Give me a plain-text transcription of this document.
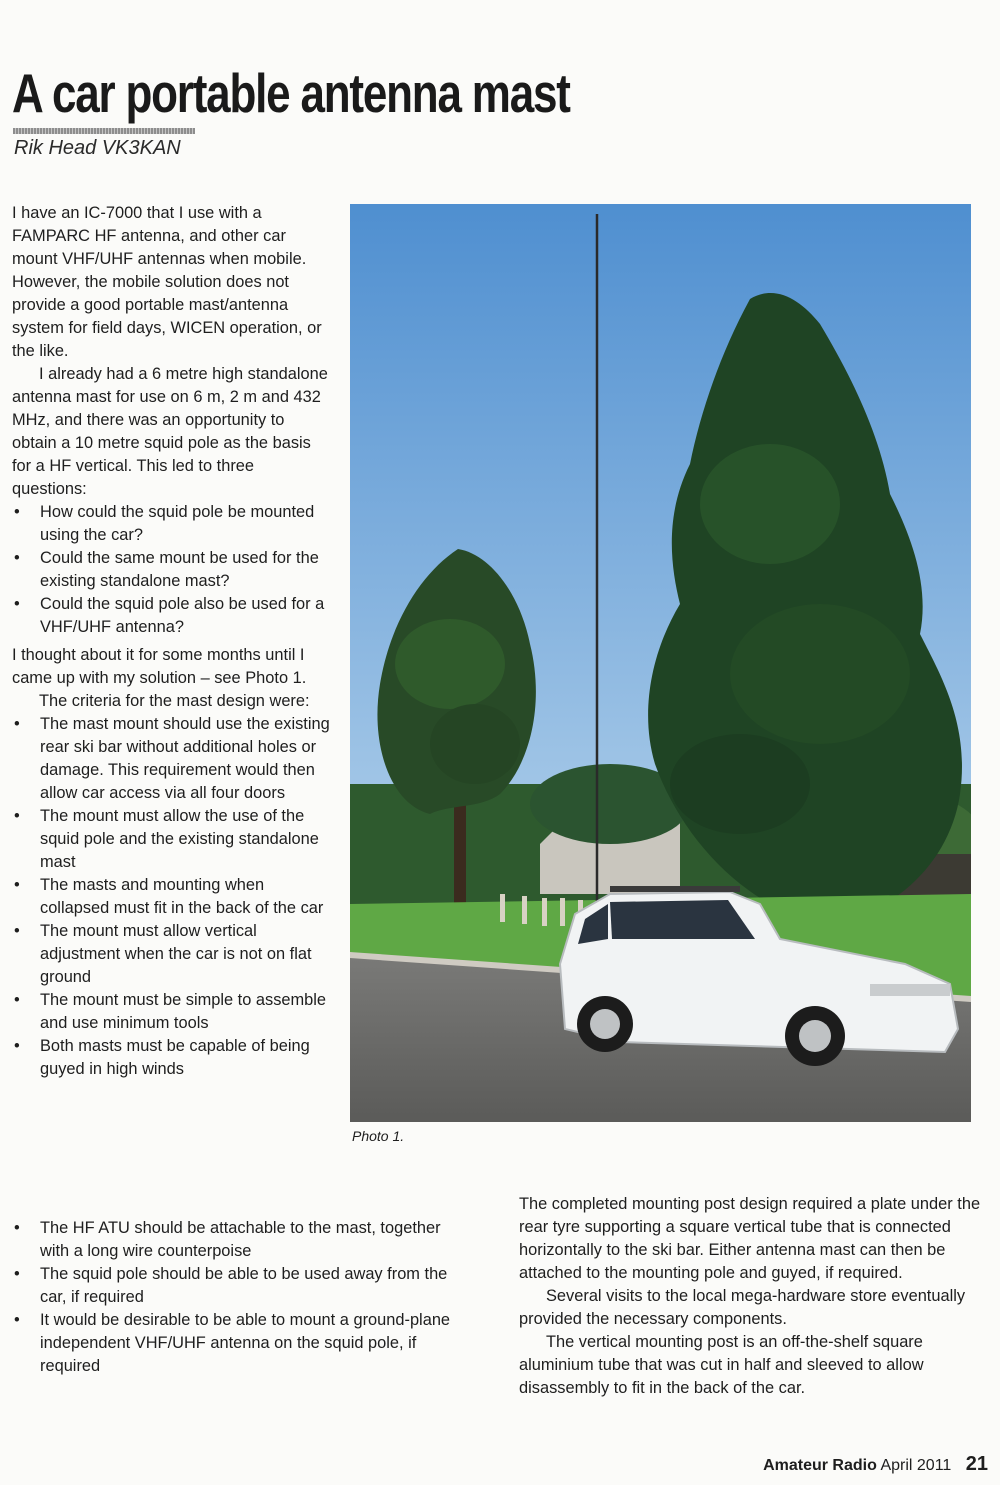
A car portable antenna mast
Rik Head VK3KAN

I have an IC-7000 that I use with a FAMPARC HF antenna, and other car mount VHF/UHF antennas when mobile. However, the mobile solution does not provide a good portable mast/antenna system for field days, WICEN operation, or the like.

I already had a 6 metre high standalone antenna mast for use on 6 m, 2 m and 432 MHz, and there was an opportunity to obtain a 10 metre squid pole as the basis for a HF vertical. This led to three questions:

• How could the squid pole be mounted using the car?
• Could the same mount be used for the existing standalone mast?
• Could the squid pole also be used for a VHF/UHF antenna?

I thought about it for some months until I came up with my solution – see Photo 1.

The criteria for the mast design were:

• The mast mount should use the existing rear ski bar without additional holes or damage. This requirement would then allow car access via all four doors
• The mount must allow the use of the squid pole and the existing standalone mast
• The masts and mounting when collapsed must fit in the back of the car
• The mount must allow vertical adjustment when the car is not on flat ground
• The mount must be simple to assemble and use minimum tools
• Both masts must be capable of being guyed in high winds
• The HF ATU should be attachable to the mast, together with a long wire counterpoise
• The squid pole should be able to be used away from the car, if required
• It would be desirable to be able to mount a ground-plane independent VHF/UHF antenna on the squid pole, if required
Photo 1.

The completed mounting post design required a plate under the rear tyre supporting a square vertical tube that is connected horizontally to the ski bar. Either antenna mast can then be attached to the mounting pole and guyed, if required.

Several visits to the local mega-hardware store eventually provided the necessary components.

The vertical mounting post is an off-the-shelf square aluminium tube that was cut in half and sleeved to allow disassembly to fit in the back of the car.

Amateur Radio April 2011 21
